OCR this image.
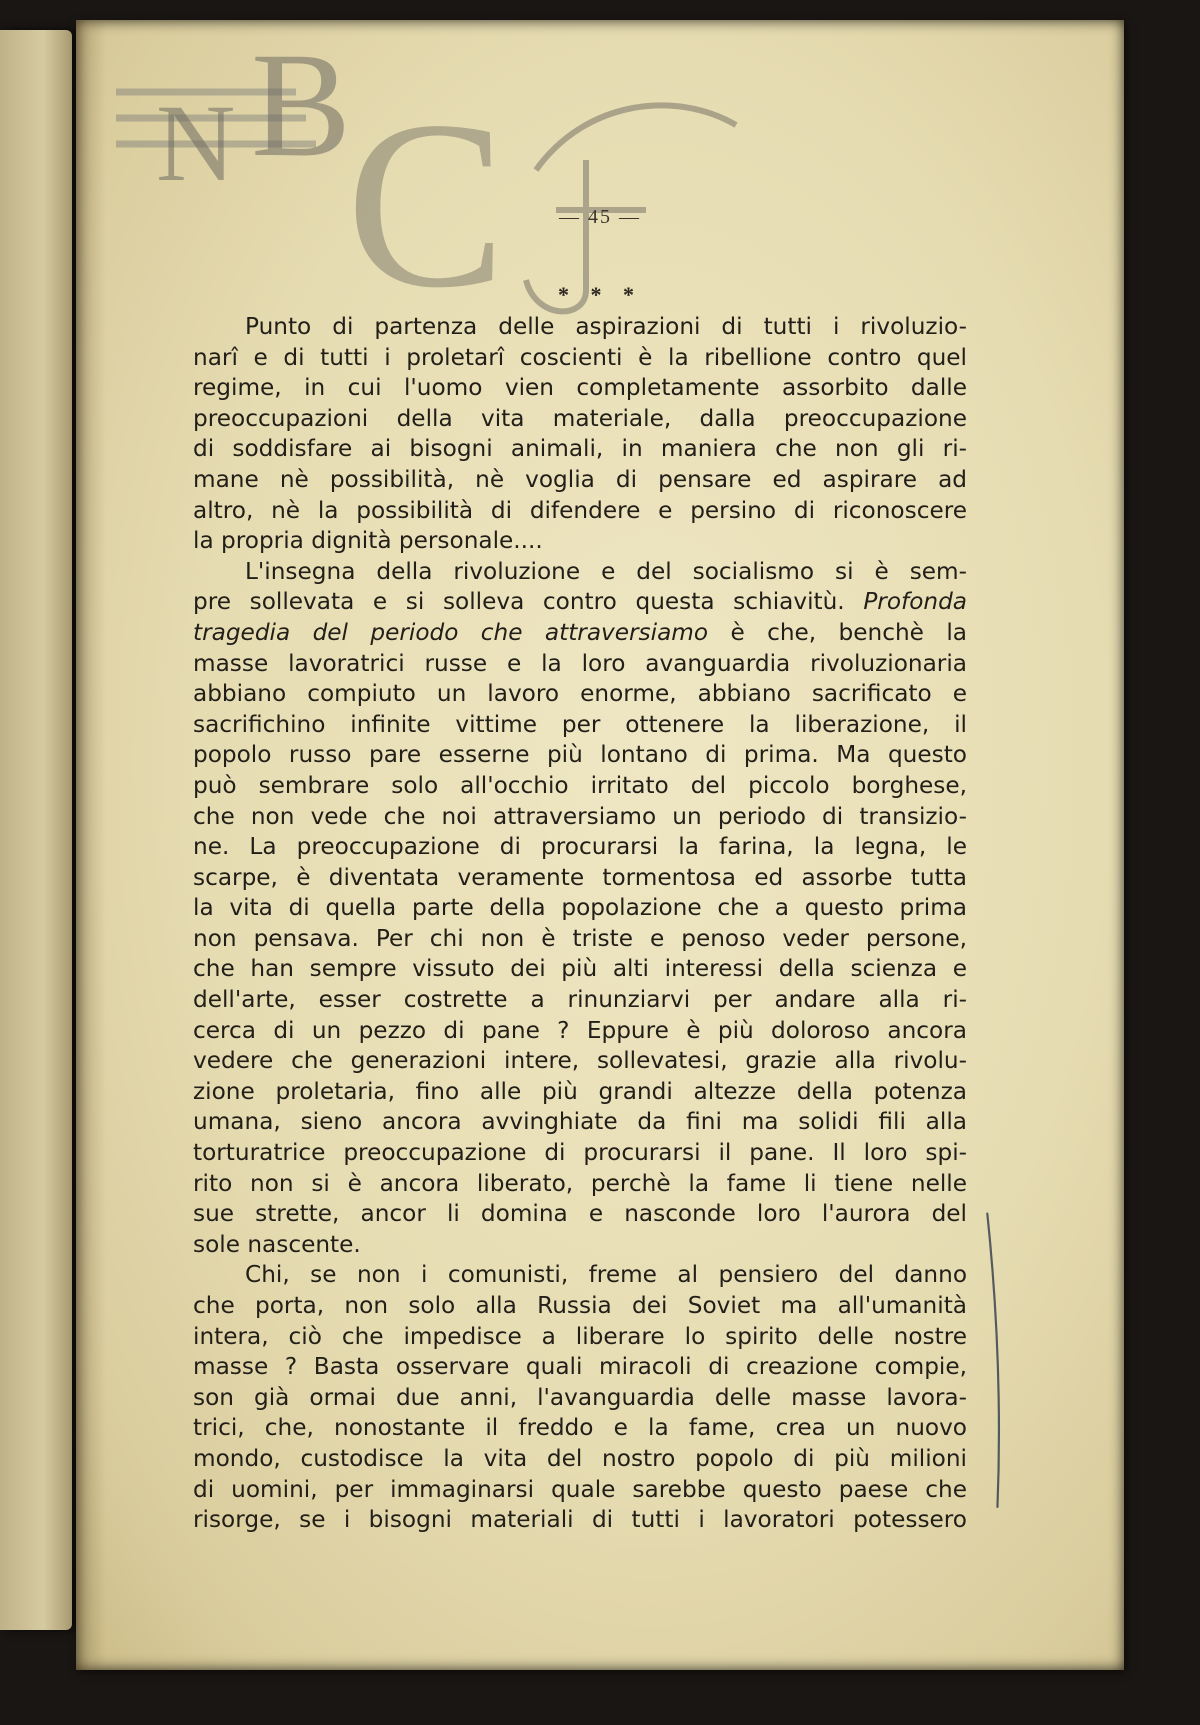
N B
C	— 45 —
* * *

Punto di partenza delle aspirazioni di tutti i rivoluzio-
narî e di tutti i proletarî coscienti è la ribellione contro quel
regime, in cui l'uomo vien completamente assorbito dalle
preoccupazioni della vita materiale, dalla preoccupazione
di soddisfare ai bisogni animali, in maniera che non gli ri-
mane nè possibilità, nè voglia di pensare ed aspirare ad
altro, nè la possibilità di difendere e persino di riconoscere
la propria dignità personale....

L'insegna della rivoluzione e del socialismo si è sem-
pre sollevata e si solleva contro questa schiavitù. Profonda
tragedia del periodo che attraversiamo è che, benchè la
masse lavoratrici russe e la loro avanguardia rivoluzionaria
abbiano compiuto un lavoro enorme, abbiano sacrificato e
sacrifichino infinite vittime per ottenere la liberazione, il
popolo russo pare esserne più lontano di prima. Ma questo
può sembrare solo all'occhio irritato del piccolo borghese,
che non vede che noi attraversiamo un periodo di transizio-
ne. La preoccupazione di procurarsi la farina, la legna, le
scarpe, è diventata veramente tormentosa ed assorbe tutta
la vita di quella parte della popolazione che a questo prima
non pensava. Per chi non è triste e penoso veder persone,
che han sempre vissuto dei più alti interessi della scienza e
dell'arte, esser costrette a rinunziarvi per andare alla ri-
cerca di un pezzo di pane ? Eppure è più doloroso ancora
vedere che generazioni intere, sollevatesi, grazie alla rivolu-
zione proletaria, fino alle più grandi altezze della potenza
umana, sieno ancora avvinghiate da fini ma solidi fili alla
torturatrice preoccupazione di procurarsi il pane. Il loro spi-
rito non si è ancora liberato, perchè la fame li tiene nelle
sue strette, ancor li domina e nasconde loro l'aurora del
sole nascente.

Chi, se non i comunisti, freme al pensiero del danno
che porta, non solo alla Russia dei Soviet ma all'umanità
intera, ciò che impedisce a liberare lo spirito delle nostre
masse ? Basta osservare quali miracoli di creazione compie,
son già ormai due anni, l'avanguardia delle masse lavora-
trici, che, nonostante il freddo e la fame, crea un nuovo
mondo, custodisce la vita del nostro popolo di più milioni
di uomini, per immaginarsi quale sarebbe questo paese che
risorge, se i bisogni materiali di tutti i lavoratori potessero
